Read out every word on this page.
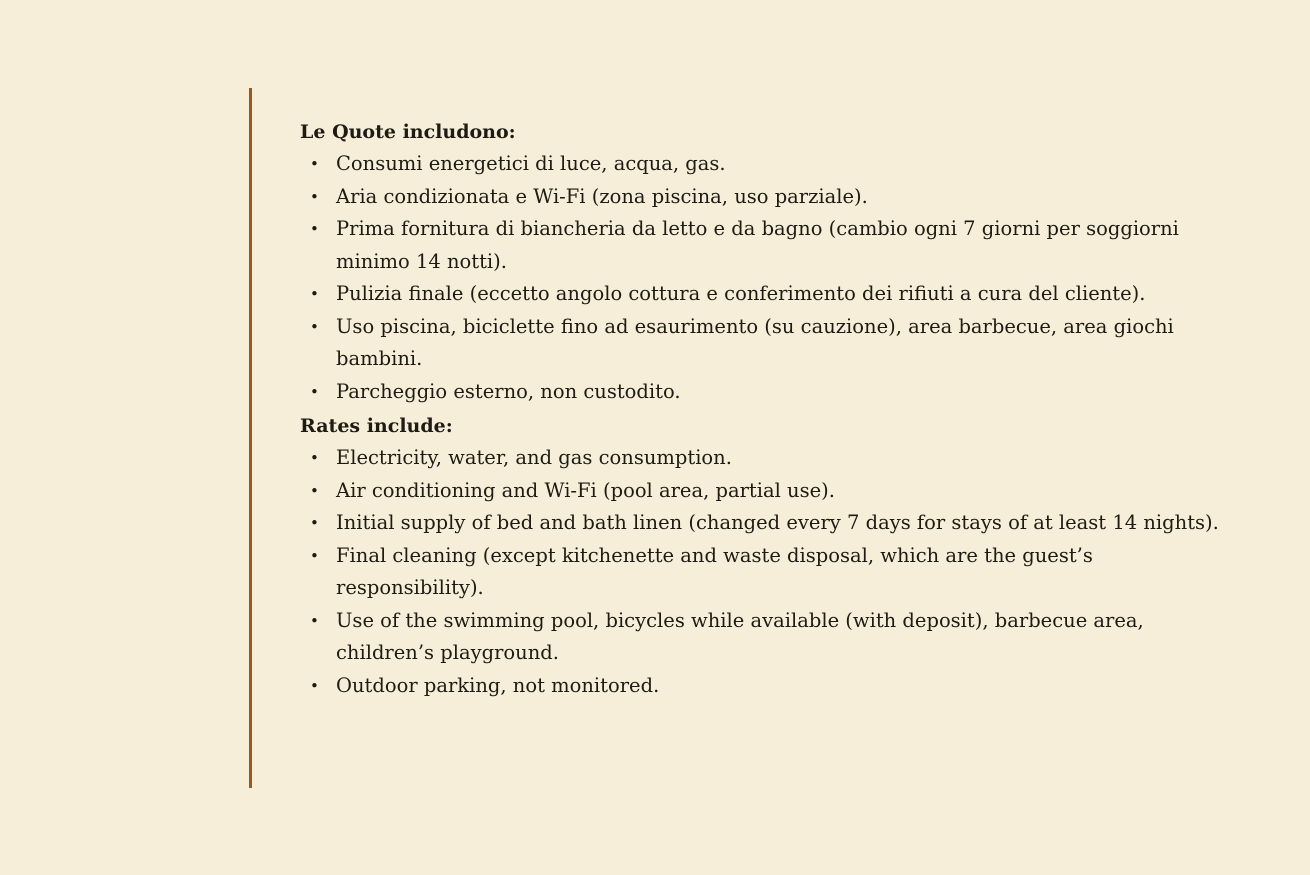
Le Quote includono:

• Consumi energetici di luce, acqua, gas.
• Aria condizionata e Wi-Fi (zona piscina, uso parziale).
• Prima fornitura di biancheria da letto e da bagno (cambio ogni 7 giorni per soggiorni minimo 14 notti).
• Pulizia finale (eccetto angolo cottura e conferimento dei rifiuti a cura del cliente).
• Uso piscina, biciclette fino ad esaurimento (su cauzione), area barbecue, area giochi bambini.
• Parcheggio esterno, non custodito.

Rates include:

• Electricity, water, and gas consumption.
• Air conditioning and Wi-Fi (pool area, partial use).
• Initial supply of bed and bath linen (changed every 7 days for stays of at least 14 nights).
• Final cleaning (except kitchenette and waste disposal, which are the guest’s responsibility).
• Use of the swimming pool, bicycles while available (with deposit), barbecue area, children’s playground.
• Outdoor parking, not monitored.
